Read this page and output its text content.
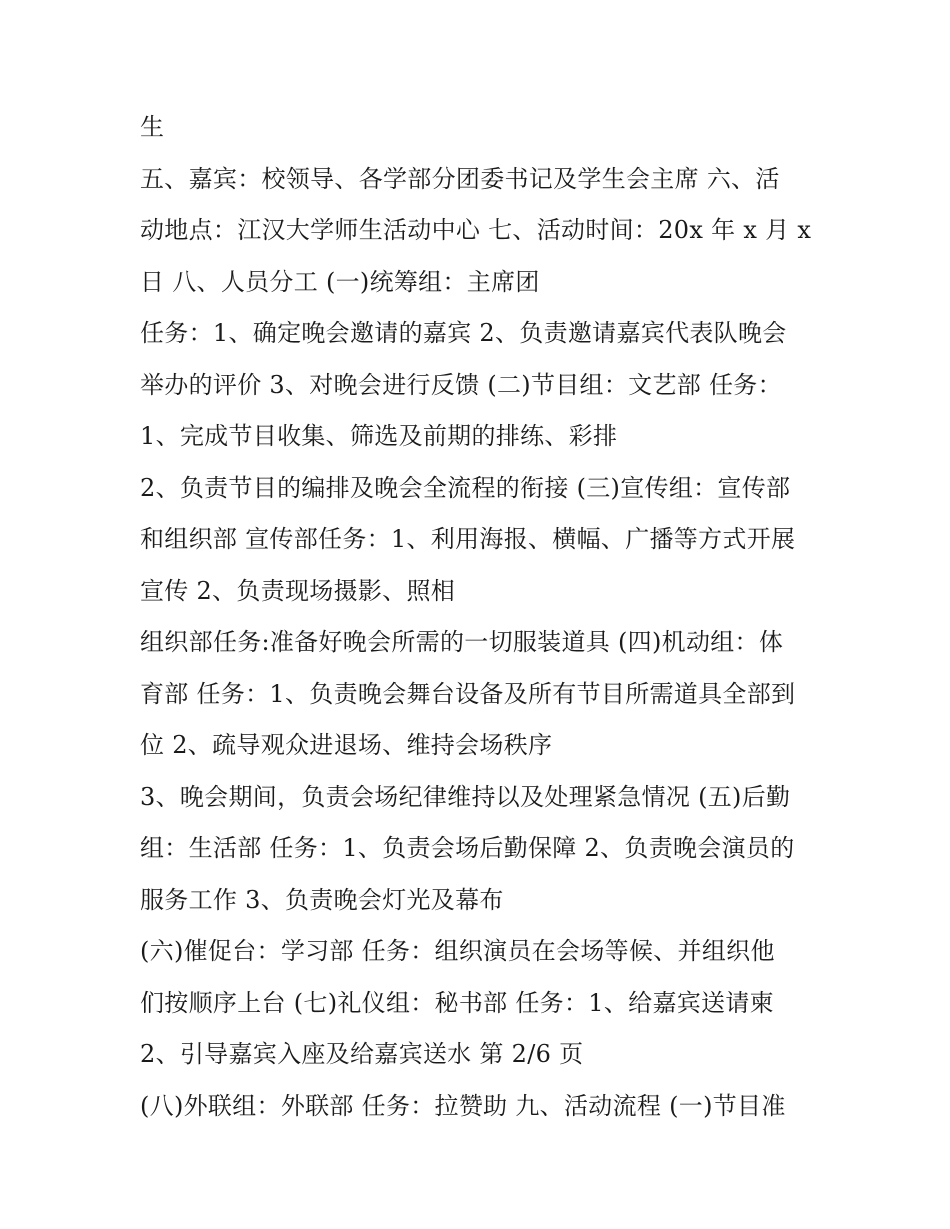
生
五、嘉宾：校领导、各学部分团委书记及学生会主席 六、活
动地点：江汉大学师生活动中心 七、活动时间：20x 年 x 月 x
日 八、人员分工 (一)统筹组：主席团
任务：1、确定晚会邀请的嘉宾 2、负责邀请嘉宾代表队晚会
举办的评价 3、对晚会进行反馈 (二)节目组：文艺部 任务：
1、完成节目收集、筛选及前期的排练、彩排
2、负责节目的编排及晚会全流程的衔接 (三)宣传组：宣传部
和组织部 宣传部任务：1、利用海报、横幅、广播等方式开展
宣传 2、负责现场摄影、照相
组织部任务:准备好晚会所需的一切服装道具 (四)机动组：体
育部 任务：1、负责晚会舞台设备及所有节目所需道具全部到
位 2、疏导观众进退场、维持会场秩序
3、晚会期间，负责会场纪律维持以及处理紧急情况 (五)后勤
组：生活部 任务：1、负责会场后勤保障 2、负责晚会演员的
服务工作 3、负责晚会灯光及幕布
(六)催促台：学习部 任务：组织演员在会场等候、并组织他
们按顺序上台 (七)礼仪组：秘书部 任务：1、给嘉宾送请柬
2、引导嘉宾入座及给嘉宾送水 第 2/6 页
(八)外联组：外联部 任务：拉赞助 九、活动流程 (一)节目准
